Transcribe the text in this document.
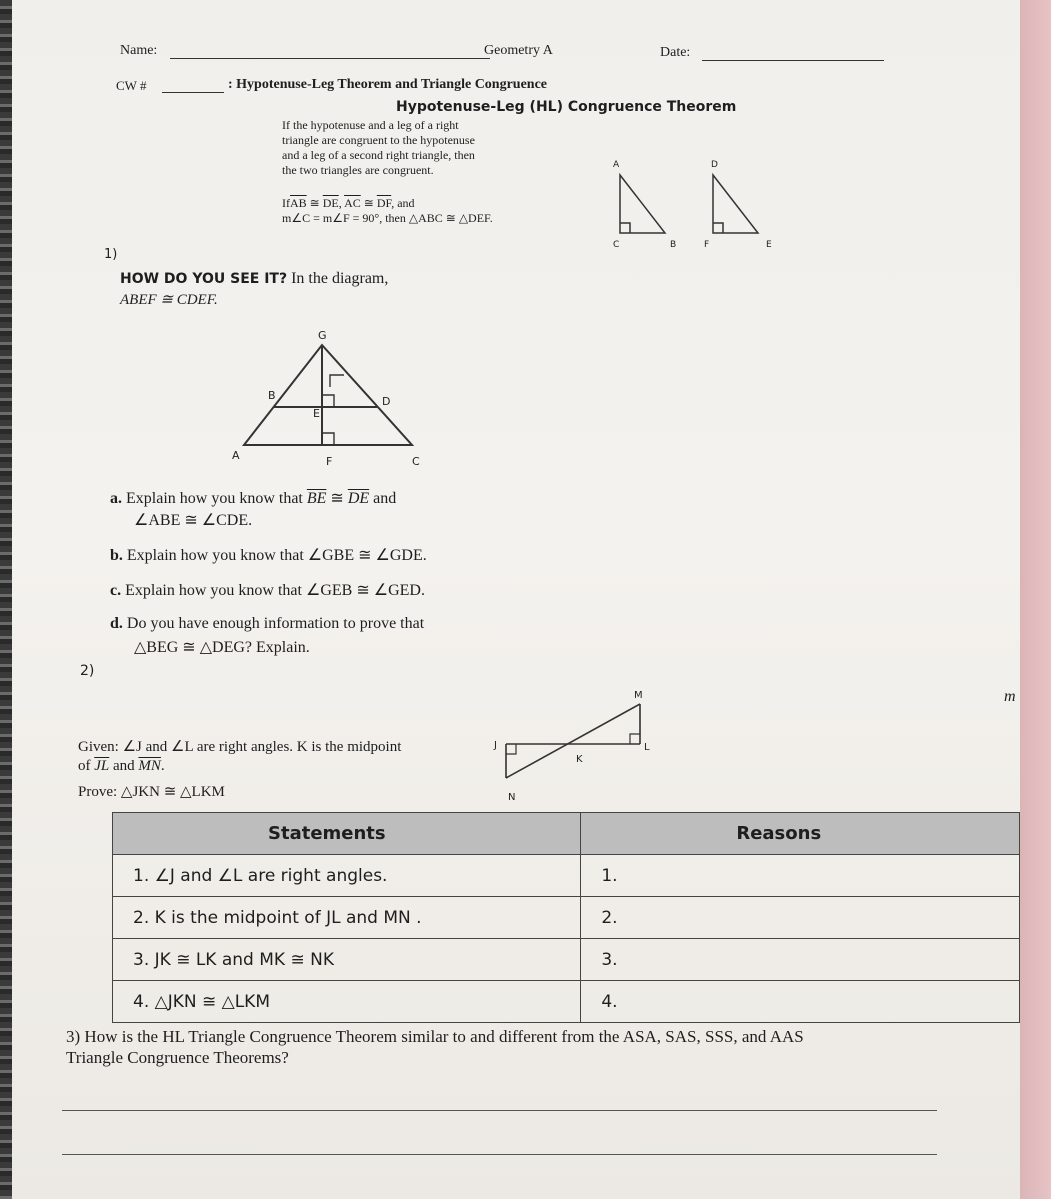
Name:	Geometry A	Date:
CW #	: Hypotenuse-Leg Theorem and Triangle Congruence
Hypotenuse-Leg (HL) Congruence Theorem
If the hypotenuse and a leg of a right
triangle are congruent to the hypotenuse
and a leg of a second right triangle, then
the two triangles are congruent.
$If\overline{AB}$ ≅ $\overline{DE}$, $\overline{AC}$ ≅ $\overline{DF}$, and
m∠C = m∠F = 90°, then △ABC ≅ △DEF.
A
C	B
D
F	E
1)
HOW DO YOU SEE IT? In the diagram,
ABEF ≅ CDEF.
G
B	D
E
A	F	C
a. Explain how you know that $\overline{BE}$ ≅ $\overline{DE}$ and
∠ABE ≅ ∠CDE.
b. Explain how you know that ∠GBE ≅ ∠GDE.
c. Explain how you know that ∠GEB ≅ ∠GED.
d. Do you have enough information to prove that
△BEG ≅ △DEG? Explain.
2)
Given: ∠J and ∠L are right angles. K is the midpoint
of $\overline{JL}$ and $\overline{MN}$.
Prove: △JKN ≅ △LKM
M
J
K
L
N
Statements	Reasons
1. ∠J and ∠L are right angles.	1.
2. K is the midpoint of JL and MN .	2.
3. JK ≅ LK and MK ≅ NK	3.
4. △JKN ≅ △LKM	4.
3) How is the HL Triangle Congruence Theorem similar to and different from the ASA, SAS, SSS, and AAS
Triangle Congruence Theorems?
m
